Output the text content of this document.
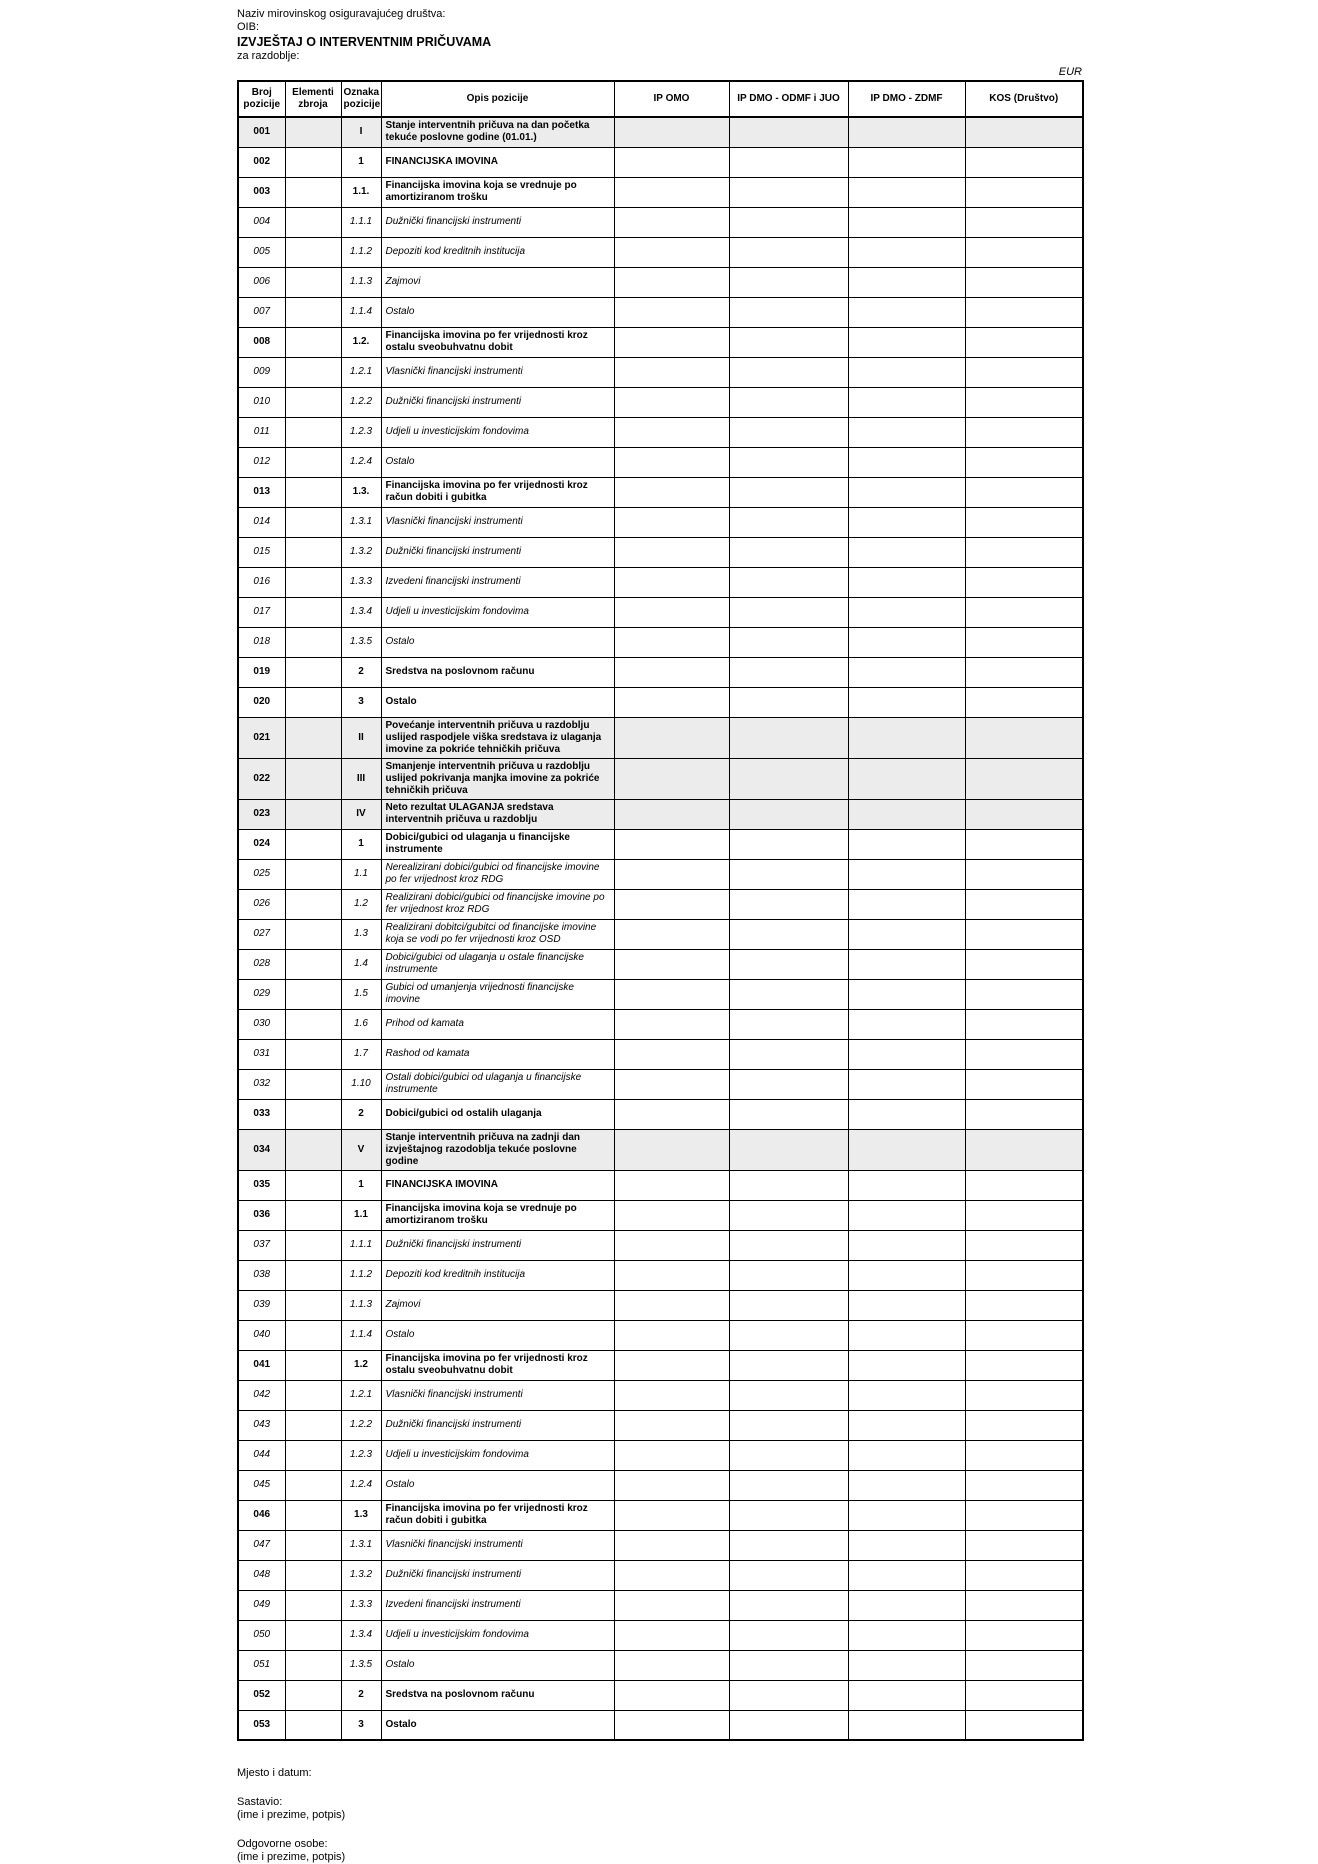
Naziv mirovinskog osiguravajućeg društva:
OIB:
IZVJEŠTAJ O INTERVENTNIM PRIČUVAMA
za razdoblje:
EUR
Broj pozicije	Elementi zbroja	Oznaka pozicije	Opis pozicije	IP OMO	IP DMO - ODMF i JUO	IP DMO - ZDMF	KOS (Društvo)
001		I	Stanje interventnih pričuva na dan početka tekuće poslovne godine (01.01.)				
002		1	FINANCIJSKA IMOVINA				
003		1.1.	Financijska imovina koja se vrednuje po amortiziranom trošku				
004		1.1.1	Dužnički financijski instrumenti				
005		1.1.2	Depoziti kod kreditnih institucija				
006		1.1.3	Zajmovi				
007		1.1.4	Ostalo				
008		1.2.	Financijska imovina po fer vrijednosti kroz ostalu sveobuhvatnu dobit				
009		1.2.1	Vlasnički financijski instrumenti				
010		1.2.2	Dužnički financijski instrumenti				
011		1.2.3	Udjeli u investicijskim fondovima				
012		1.2.4	Ostalo				
013		1.3.	Financijska imovina po fer vrijednosti kroz račun dobiti i gubitka				
014		1.3.1	Vlasnički financijski instrumenti				
015		1.3.2	Dužnički financijski instrumenti				
016		1.3.3	Izvedeni financijski instrumenti				
017		1.3.4	Udjeli u investicijskim fondovima				
018		1.3.5	Ostalo				
019		2	Sredstva na poslovnom računu				
020		3	Ostalo				
021		II	Povećanje interventnih pričuva u razdoblju uslijed raspodjele viška sredstava iz ulaganja imovine za pokriće tehničkih pričuva				
022		III	Smanjenje interventnih pričuva u razdoblju uslijed pokrivanja manjka imovine za pokriće tehničkih pričuva				
023		IV	Neto rezultat ULAGANJA sredstava interventnih pričuva u razdoblju				
024		1	Dobici/gubici od ulaganja u financijske instrumente				
025		1.1	Nerealizirani dobici/gubici od financijske imovine po fer vrijednost kroz RDG				
026		1.2	Realizirani dobici/gubici od financijske imovine po fer vrijednost kroz RDG				
027		1.3	Realizirani dobitci/gubitci od financijske imovine koja se vodi po fer vrijednosti kroz OSD				
028		1.4	Dobici/gubici od ulaganja u ostale financijske instrumente				
029		1.5	Gubici od umanjenja vrijednosti financijske imovine				
030		1.6	Prihod od kamata				
031		1.7	Rashod od kamata				
032		1.10	Ostali dobici/gubici od ulaganja u financijske instrumente				
033		2	Dobici/gubici od ostalih ulaganja				
034		V	Stanje interventnih pričuva na zadnji dan izvještajnog razodoblja tekuće poslovne godine				
035		1	FINANCIJSKA IMOVINA				
036		1.1	Financijska imovina koja se vrednuje po amortiziranom trošku				
037		1.1.1	Dužnički financijski instrumenti				
038		1.1.2	Depoziti kod kreditnih institucija				
039		1.1.3	Zajmovi				
040		1.1.4	Ostalo				
041		1.2	Financijska imovina po fer vrijednosti kroz ostalu sveobuhvatnu dobit				
042		1.2.1	Vlasnički financijski instrumenti				
043		1.2.2	Dužnički financijski instrumenti				
044		1.2.3	Udjeli u investicijskim fondovima				
045		1.2.4	Ostalo				
046		1.3	Financijska imovina po fer vrijednosti kroz račun dobiti i gubitka				
047		1.3.1	Vlasnički financijski instrumenti				
048		1.3.2	Dužnički financijski instrumenti				
049		1.3.3	Izvedeni financijski instrumenti				
050		1.3.4	Udjeli u investicijskim fondovima				
051		1.3.5	Ostalo				
052		2	Sredstva na poslovnom računu				
053		3	Ostalo				
Mjesto i datum:
Sastavio:
(ime i prezime, potpis)
Odgovorne osobe:
(ime i prezime, potpis)
